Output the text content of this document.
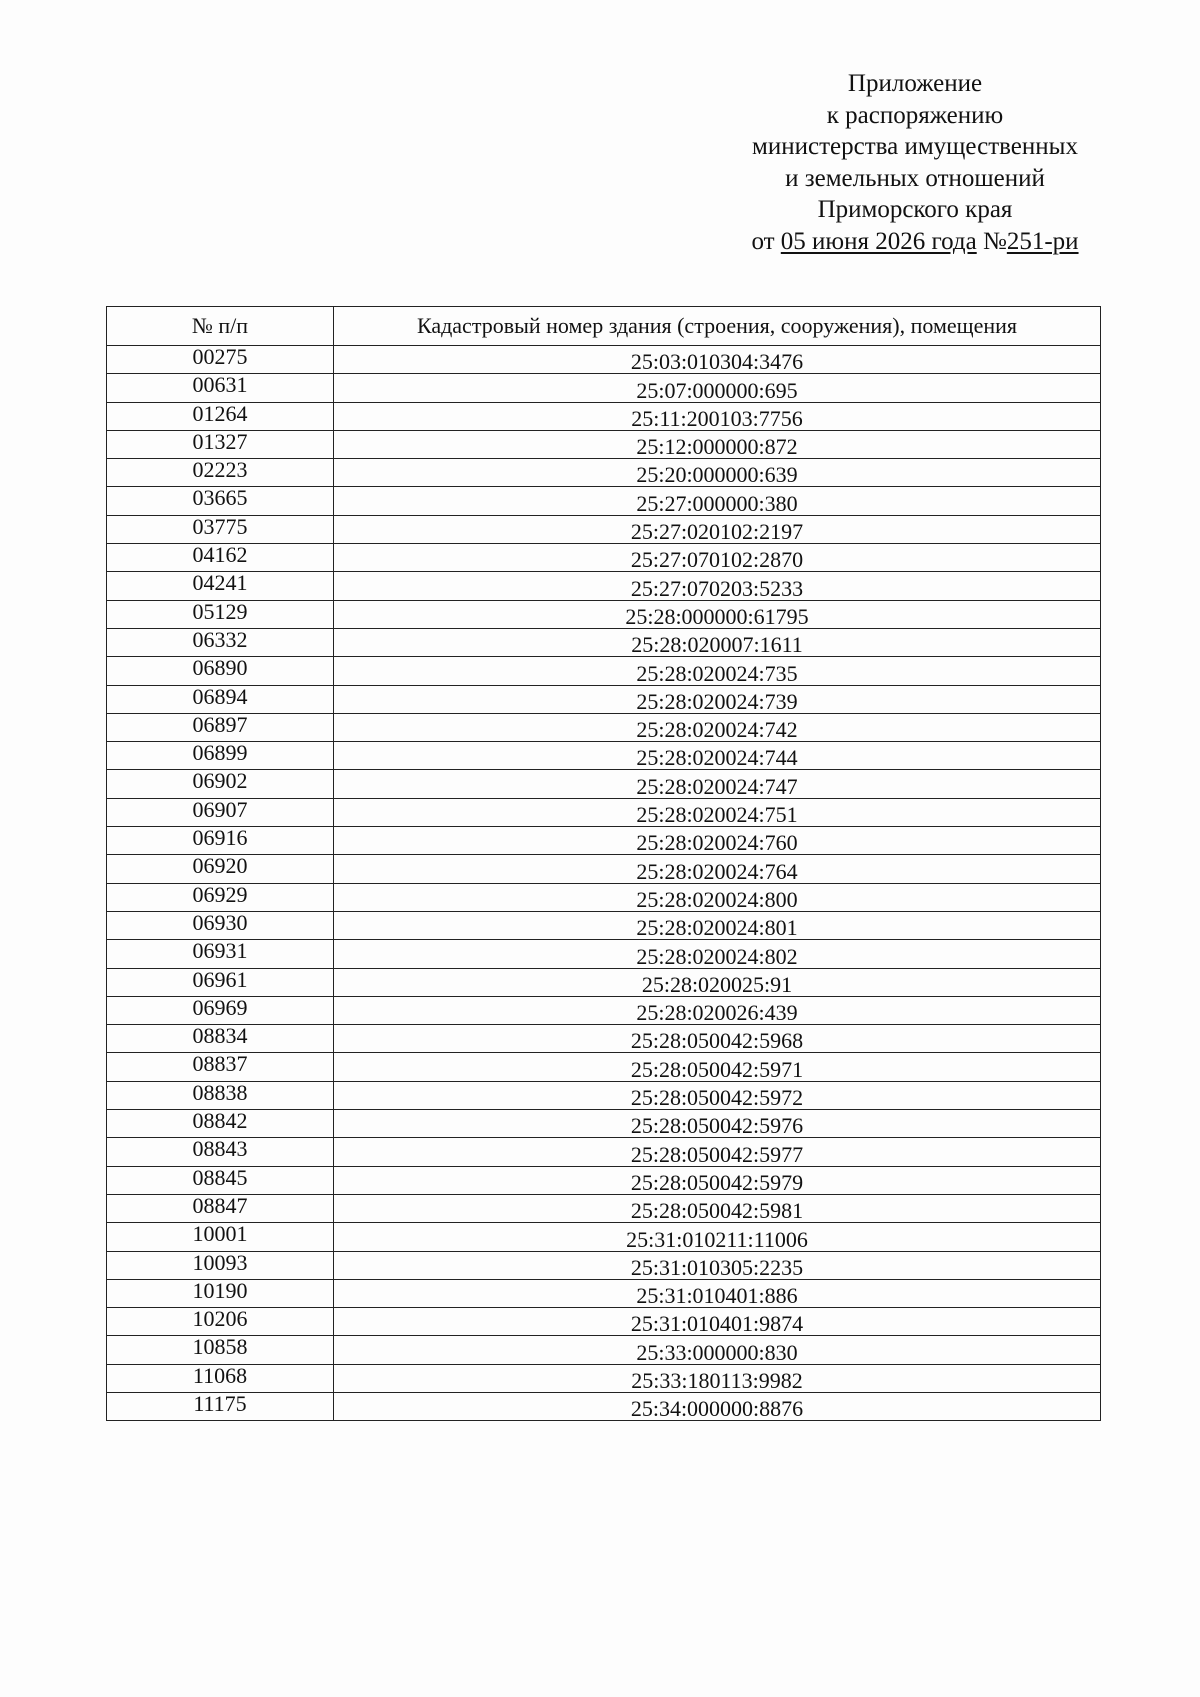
Приложение
к распоряжению
министерства имущественных
и земельных отношений
Приморского края
от 05 июня 2026 года №251-ри
№ п/п	Кадастровый номер здания (строения, сооружения), помещения
00275	25:03:010304:3476
00631	25:07:000000:695
01264	25:11:200103:7756
01327	25:12:000000:872
02223	25:20:000000:639
03665	25:27:000000:380
03775	25:27:020102:2197
04162	25:27:070102:2870
04241	25:27:070203:5233
05129	25:28:000000:61795
06332	25:28:020007:1611
06890	25:28:020024:735
06894	25:28:020024:739
06897	25:28:020024:742
06899	25:28:020024:744
06902	25:28:020024:747
06907	25:28:020024:751
06916	25:28:020024:760
06920	25:28:020024:764
06929	25:28:020024:800
06930	25:28:020024:801
06931	25:28:020024:802
06961	25:28:020025:91
06969	25:28:020026:439
08834	25:28:050042:5968
08837	25:28:050042:5971
08838	25:28:050042:5972
08842	25:28:050042:5976
08843	25:28:050042:5977
08845	25:28:050042:5979
08847	25:28:050042:5981
10001	25:31:010211:11006
10093	25:31:010305:2235
10190	25:31:010401:886
10206	25:31:010401:9874
10858	25:33:000000:830
11068	25:33:180113:9982
11175	25:34:000000:8876
